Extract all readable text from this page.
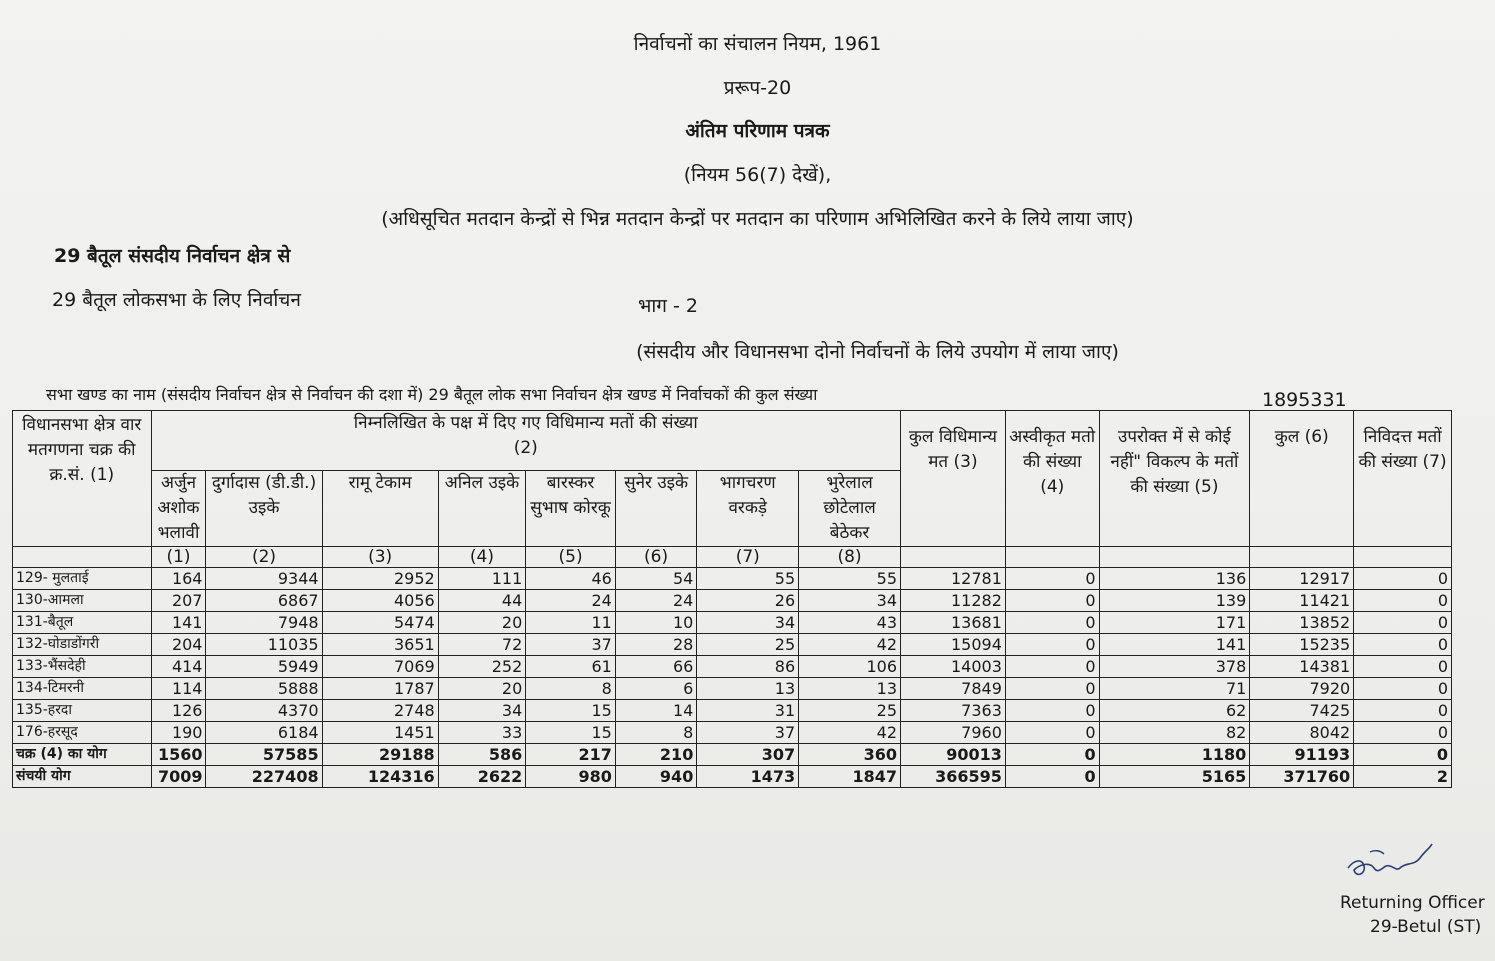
निर्वाचनों का संचालन नियम, 1961
प्ररूप-20
अंतिम परिणाम पत्रक
(नियम 56(7) देखें),
(अधिसूचित मतदान केन्द्रों से भिन्न मतदान केन्द्रों पर मतदान का परिणाम अभिलिखित करने के लिये लाया जाए)
29 बैतूल संसदीय निर्वाचन क्षेत्र से
29 बैतूल लोकसभा के लिए निर्वाचन	भाग - 2
(संसदीय और विधानसभा दोनो निर्वाचनों के लिये उपयोग में लाया जाए)
सभा खण्ड का नाम (संसदीय निर्वाचन क्षेत्र से निर्वाचन की दशा में) 29 बैतूल लोक सभा निर्वाचन क्षेत्र खण्ड में निर्वाचकों की कुल संख्या	1895331
विधानसभा क्षेत्र वार मतगणना चक्र की क्र.सं. (1)	निम्नलिखित के पक्ष में दिए गए विधिमान्य मतों की संख्या
(2)								कुल विधिमान्य मत (3)	अस्वीकृत मतो की संख्या (4)	उपरोक्त में से कोई नहीं" विकल्प के मतों की संख्या (5)	कुल (6)	निविदत्त मतों की संख्या (7)
	अर्जुन अशोक भलावी	दुर्गादास (डी.डी.) उइके	रामू टेकाम	अनिल उइके	बारस्कर सुभाष कोरकू	सुनेर उइके	भागचरण वरकड़े	भुरेलाल छोटेलाल बेठेकर					
	(1)	(2)	(3)	(4)	(5)	(6)	(7)	(8)					
129- मुलताई	164	9344	2952	111	46	54	55	55	12781	0	136	12917	0
130-आमला	207	6867	4056	44	24	24	26	34	11282	0	139	11421	0
131-बैतूल	141	7948	5474	20	11	10	34	43	13681	0	171	13852	0
132-घोडाडोंगरी	204	11035	3651	72	37	28	25	42	15094	0	141	15235	0
133-भैंसदेही	414	5949	7069	252	61	66	86	106	14003	0	378	14381	0
134-टिमरनी	114	5888	1787	20	8	6	13	13	7849	0	71	7920	0
135-हरदा	126	4370	2748	34	15	14	31	25	7363	0	62	7425	0
176-हरसूद	190	6184	1451	33	15	8	37	42	7960	0	82	8042	0
चक्र (4) का योग	1560	57585	29188	586	217	210	307	360	90013	0	1180	91193	0
संचयी योग	7009	227408	124316	2622	980	940	1473	1847	366595	0	5165	371760	2
Returning Officer
29-Betul (ST)
